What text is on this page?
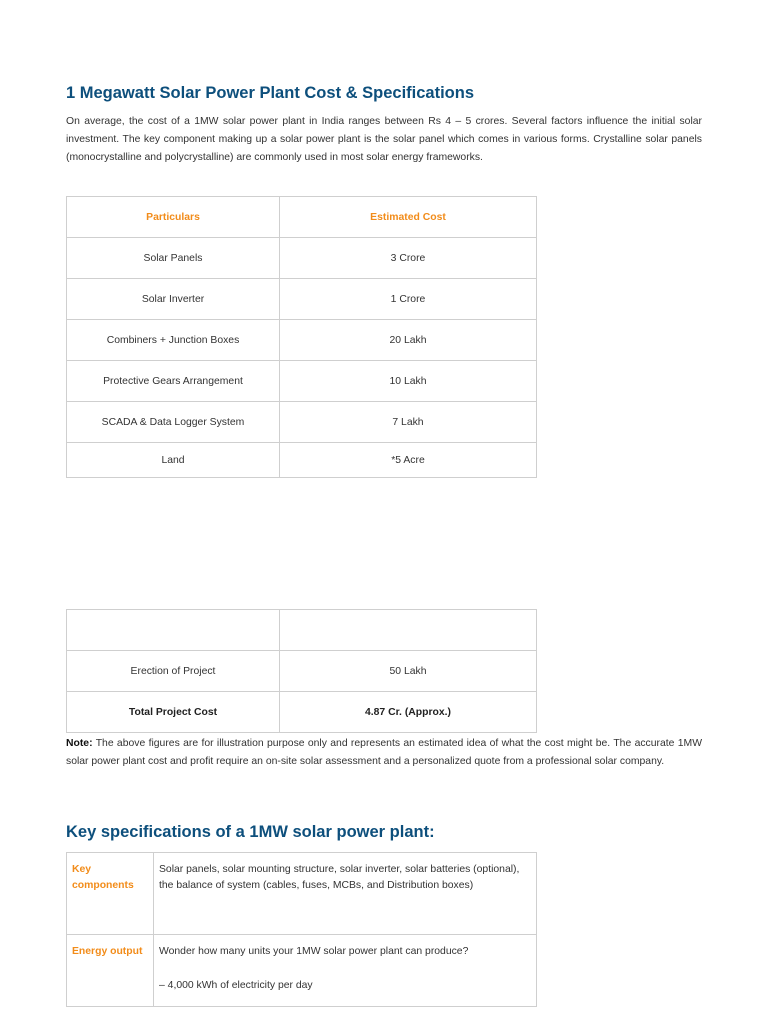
1 Megawatt Solar Power Plant Cost & Specifications

On average, the cost of a 1MW solar power plant in India ranges between Rs 4 – 5 crores. Several factors influence the initial solar investment. The key component making up a solar power plant is the solar panel which comes in various forms. Crystalline solar panels (monocrystalline and polycrystalline) are commonly used in most solar energy frameworks.

Particulars	Estimated Cost
Solar Panels	3 Crore
Solar Inverter	1 Crore
Combiners + Junction Boxes	20 Lakh
Protective Gears Arrangement	10 Lakh
SCADA & Data Logger System	7 Lakh
Land	*5 Acre

Erection of Project	50 Lakh
Total Project Cost	4.87 Cr. (Approx.)

Note: The above figures are for illustration purpose only and represents an estimated idea of what the cost might be. The accurate 1MW solar power plant cost and profit require an on-site solar assessment and a personalized quote from a professional solar company.

Key specifications of a 1MW solar power plant:
Key components	Solar panels, solar mounting structure, solar inverter, solar batteries (optional), the balance of system (cables, fuses, MCBs, and Distribution boxes)
Energy output	Wonder how many units your 1MW solar power plant can produce?
– 4,000 kWh of electricity per day
